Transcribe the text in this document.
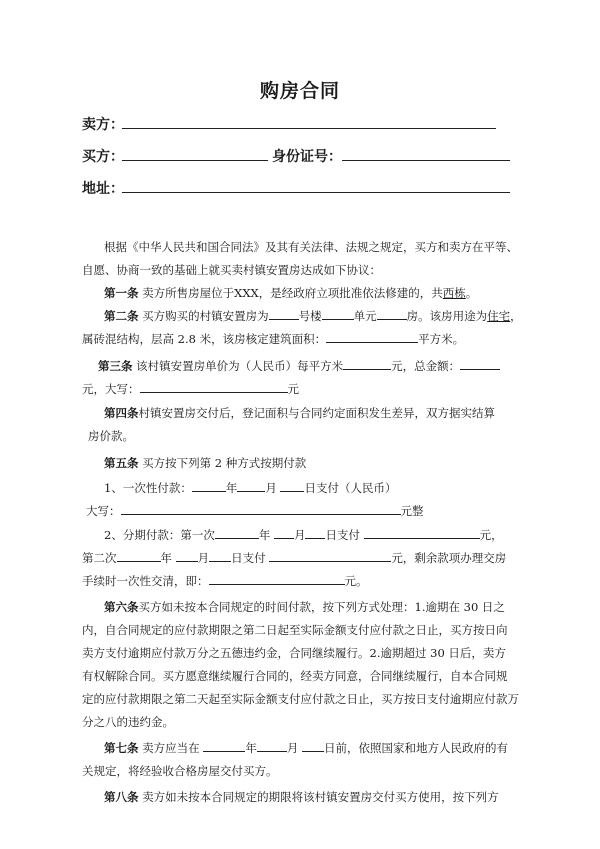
购房合同
卖方：
买方：	身份证号：
地址：
根据《中华人民共和国合同法》及其有关法律、法规之规定，买方和卖方在平等、
自愿、协商一致的基础上就买卖村镇安置房达成如下协议：
第一条 卖方所售房屋位于XXX，是经政府立项批准依法修建的，共西栋。
第二条 买方购买的村镇安置房为	号楼	单元	房。该房用途为住宅，
属砖混结构，层高 2.8 米，该房核定建筑面积：	平方米。
第三条 该村镇安置房单价为（人民币）每平方米	元，总金额：
元，大写：	元
第四条村镇安置房交付后，登记面积与合同约定面积发生差异，双方据实结算
房价款。
第五条 买方按下列第 2 种方式按期付款
1、一次性付款：	年 月 日支付（人民币）
大写：	元整
2、分期付款：第一次	年 月 日支付	元，
第二次	年 月 日支付	元，剩余款项办理交房
手续时一次性交清，即：	元。
第六条买方如未按本合同规定的时间付款，按下列方式处理：1.逾期在 30 日之
内，自合同规定的应付款期限之第二日起至实际金额支付应付款之日止，买方按日向
卖方支付逾期应付款万分之五德违约金，合同继续履行。2.逾期超过 30 日后，卖方
有权解除合同。买方愿意继续履行合同的，经卖方同意，合同继续履行，自本合同规
定的应付款期限之第二天起至实际金额支付应付款之日止，买方按日支付逾期应付款万
分之八的违约金。
第七条 卖方应当在	年	月 日前，依照国家和地方人民政府的有
关规定，将经验收合格房屋交付买方。
第八条 卖方如未按本合同规定的期限将该村镇安置房交付买方使用，按下列方
